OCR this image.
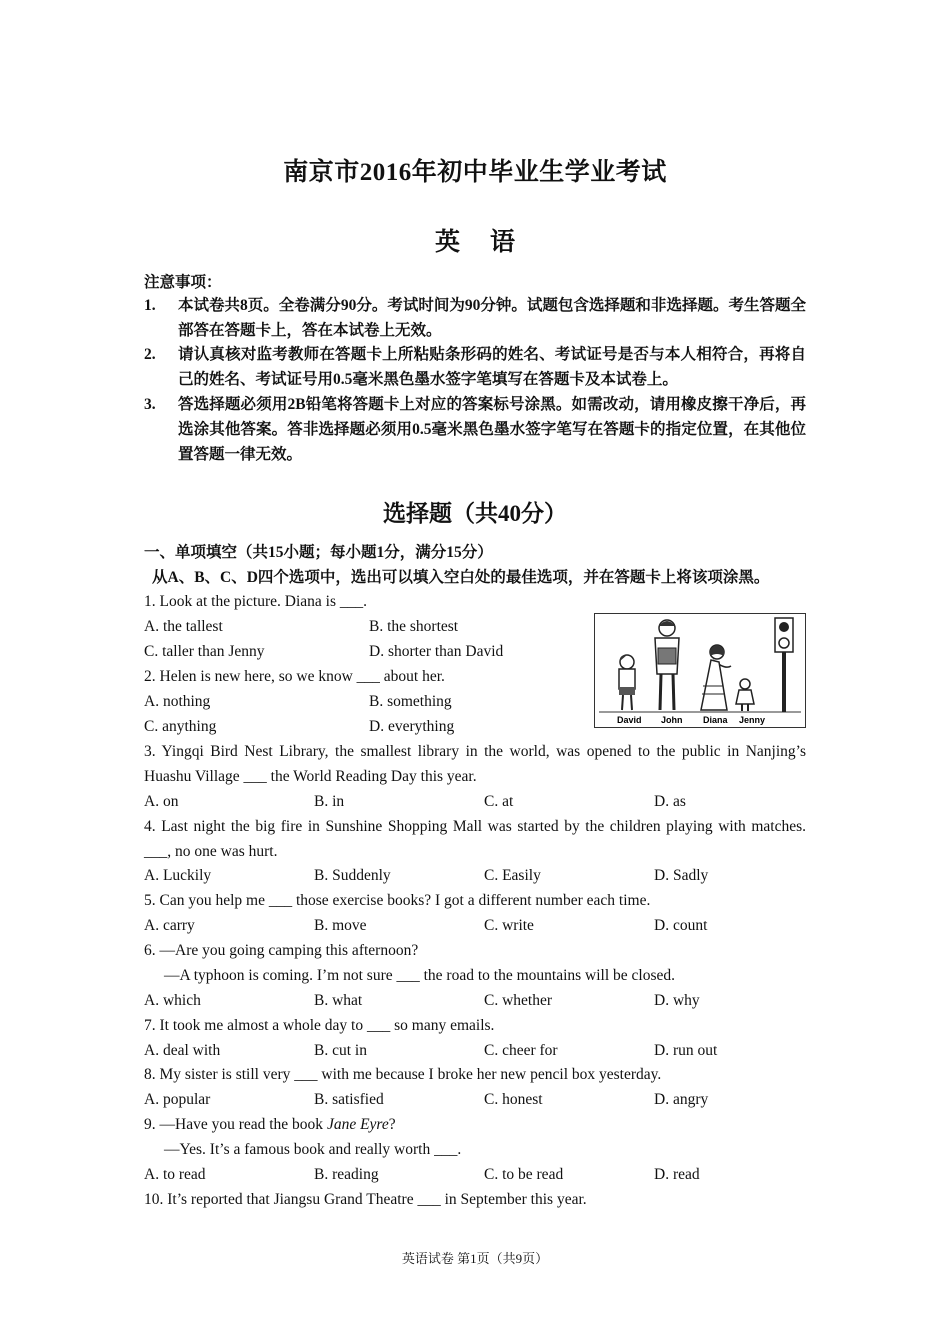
南京市2016年初中毕业生学业考试
英语
注意事项：
1.	本试卷共8页。全卷满分90分。考试时间为90分钟。试题包含选择题和非选择题。考生答题全部答在答题卡上，答在本试卷上无效。
2.	请认真核对监考教师在答题卡上所粘贴条形码的姓名、考试证号是否与本人相符合，再将自己的姓名、考试证号用0.5毫米黑色墨水签字笔填写在答题卡及本试卷上。
3.	答选择题必须用2B铅笔将答题卡上对应的答案标号涂黑。如需改动，请用橡皮擦干净后，再选涂其他答案。答非选择题必须用0.5毫米黑色墨水签字笔写在答题卡的指定位置，在其他位置答题一律无效。
选择题（共40分）
一、单项填空（共15小题；每小题1分，满分15分）
从A、B、C、D四个选项中，选出可以填入空白处的最佳选项，并在答题卡上将该项涂黑。
1. Look at the picture. Diana is ___.
A. the tallest	B. the shortest
C. taller than Jenny	D. shorter than David
David John Diana Jenny
2. Helen is new here, so we know ___ about her.
A. nothing	B. something
C. anything	D. everything
3. Yingqi Bird Nest Library, the smallest library in the world, was opened to the public in Nanjing’s Huashu Village ___ the World Reading Day this year.
A. on	B. in	C. at	D. as
4. Last night the big fire in Sunshine Shopping Mall was started by the children playing with matches. ___, no one was hurt.
A. Luckily	B. Suddenly	C. Easily	D. Sadly
5. Can you help me ___ those exercise books? I got a different number each time.
A. carry	B. move	C. write	D. count
6. —Are you going camping this afternoon?
—A typhoon is coming. I’m not sure ___ the road to the mountains will be closed.
A. which	B. what	C. whether	D. why
7. It took me almost a whole day to ___ so many emails.
A. deal with	B. cut in	C. cheer for	D. run out
8. My sister is still very ___ with me because I broke her new pencil box yesterday.
A. popular	B. satisfied	C. honest	D. angry
9. —Have you read the book Jane Eyre?
—Yes. It’s a famous book and really worth ___.
A. to read	B. reading	C. to be read	D. read
10. It’s reported that Jiangsu Grand Theatre ___ in September this year.
英语试卷 第1页（共9页）
